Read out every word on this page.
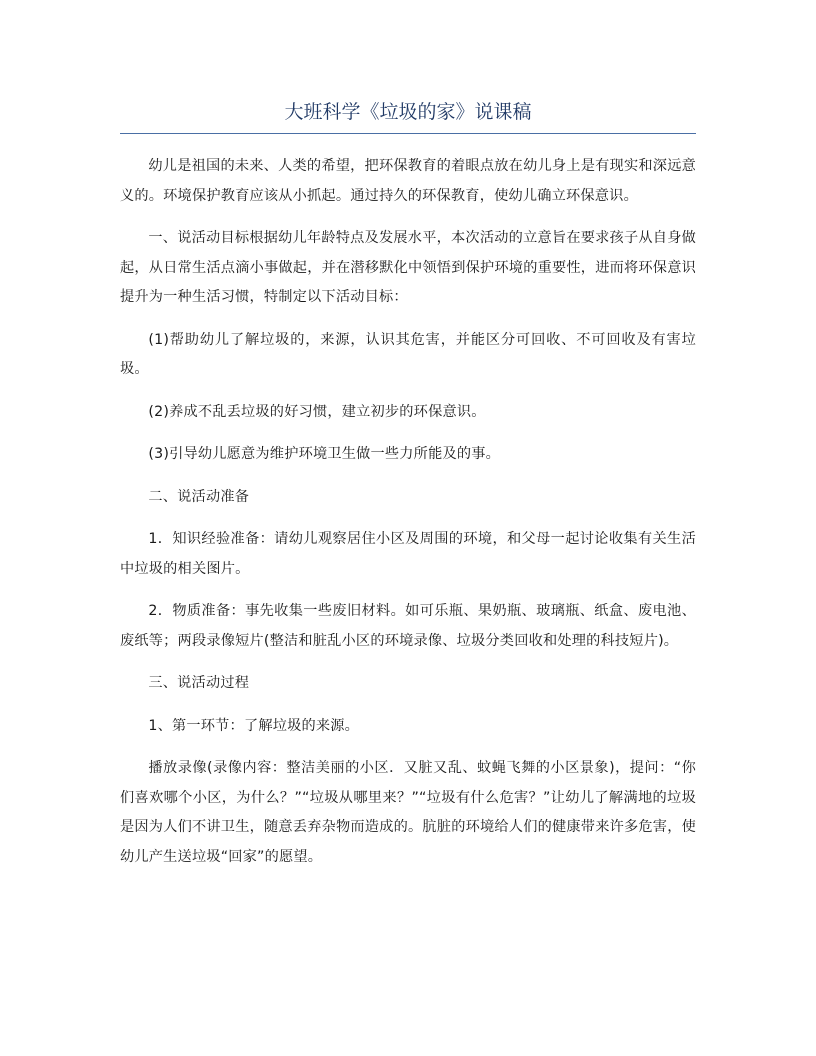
大班科学《垃圾的家》说课稿

幼儿是祖国的未来、人类的希望，把环保教育的着眼点放在幼儿身上是有现实和深远意义的。环境保护教育应该从小抓起。通过持久的环保教育，使幼儿确立环保意识。

一、说活动目标根据幼儿年龄特点及发展水平，本次活动的立意旨在要求孩子从自身做起，从日常生活点滴小事做起，并在潜移默化中领悟到保护环境的重要性，进而将环保意识提升为一种生活习惯，特制定以下活动目标：

(1)帮助幼儿了解垃圾的，来源，认识其危害，并能区分可回收、不可回收及有害垃圾。

(2)养成不乱丢垃圾的好习惯，建立初步的环保意识。

(3)引导幼儿愿意为维护环境卫生做一些力所能及的事。

二、说活动准备

1．知识经验准备：请幼儿观察居住小区及周围的环境，和父母一起讨论收集有关生活中垃圾的相关图片。

2．物质准备：事先收集一些废旧材料。如可乐瓶、果奶瓶、玻璃瓶、纸盒、废电池、废纸等；两段录像短片(整洁和脏乱小区的环境录像、垃圾分类回收和处理的科技短片)。

三、说活动过程

1、第一环节：了解垃圾的来源。

播放录像(录像内容：整洁美丽的小区．又脏又乱、蚊蝇飞舞的小区景象)，提问：“你们喜欢哪个小区，为什么？”“垃圾从哪里来？”“垃圾有什么危害？”让幼儿了解满地的垃圾是因为人们不讲卫生，随意丢弃杂物而造成的。肮脏的环境给人们的健康带来许多危害，使幼儿产生送垃圾“回家”的愿望。
